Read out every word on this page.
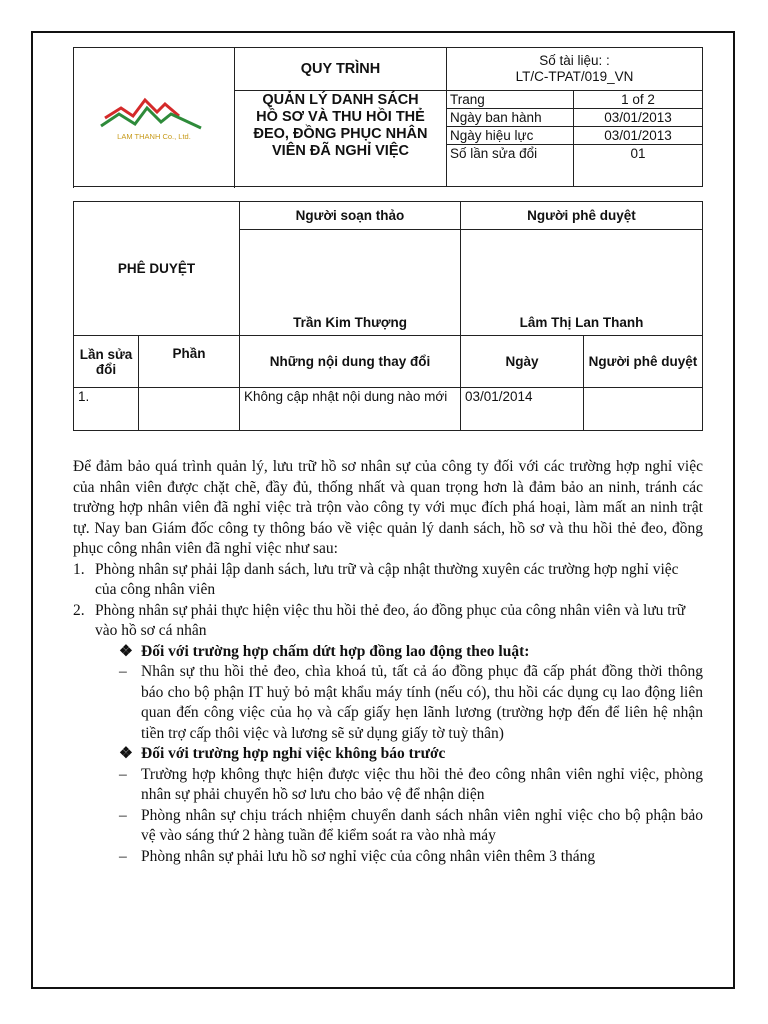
LAM THANH Co., Ltd.	QUY TRÌNH	Số tài liệu: :
LT/C-TPAT/019_VN	

	QUẢN LÝ DANH SÁCH
HỒ SƠ VÀ THU HỒI THẺ
ĐEO, ĐỒNG PHỤC NHÂN
VIÊN ĐÃ NGHỈ VIỆC	Trang	1 of 2
		Ngày ban hành	03/01/2013
		Ngày hiệu lực	03/01/2013
		Số lần sửa đổi	01

PHÊ DUYỆT		Người soạn thảo	Người phê duyệt	
		Trần Kim Thượng	Lâm Thị Lan Thanh	
Lần sửa đổi	Phần	Những nội dung thay đổi	Ngày	Người phê duyệt
1.		Không cập nhật nội dung nào mới	03/01/2014	

Để đảm bảo quá trình quản lý, lưu trữ hồ sơ nhân sự của công ty đối với các trường hợp nghỉ việc của nhân viên được chặt chẽ, đầy đủ, thống nhất và quan trọng hơn là đảm bảo an ninh, tránh các trường hợp nhân viên đã nghỉ việc trà trộn vào công ty với mục đích phá hoại, làm mất an ninh trật tự. Nay ban Giám đốc công ty thông báo về việc quản lý danh sách, hồ sơ và thu hồi thẻ đeo, đồng phục công nhân viên đã nghỉ việc như sau:

1. Phòng nhân sự phải lập danh sách, lưu trữ và cập nhật thường xuyên các trường hợp nghỉ việc của công nhân viên
2. Phòng nhân sự phải thực hiện việc thu hồi thẻ đeo, áo đồng phục của công nhân viên và lưu trữ vào hồ sơ cá nhân
❖ Đối với trường hợp chấm dứt hợp đồng lao động theo luật:
– Nhân sự thu hồi thẻ đeo, chìa khoá tủ, tất cả áo đồng phục đã cấp phát đồng thời thông báo cho bộ phận IT huỷ bỏ mật khẩu máy tính (nếu có), thu hồi các dụng cụ lao động liên quan đến công việc của họ và cấp giấy hẹn lãnh lương (trường hợp đến để liên hệ nhận tiền trợ cấp thôi việc và lương sẽ sử dụng giấy tờ tuỳ thân)
❖ Đối với trường hợp nghỉ việc không báo trước
– Trường hợp không thực hiện được việc thu hồi thẻ đeo công nhân viên nghỉ việc, phòng nhân sự phải chuyển hồ sơ lưu cho bảo vệ để nhận diện
– Phòng nhân sự chịu trách nhiệm chuyển danh sách nhân viên nghỉ việc cho bộ phận bảo vệ vào sáng thứ 2 hàng tuần để kiểm soát ra vào nhà máy
– Phòng nhân sự phải lưu hồ sơ nghỉ việc của công nhân viên thêm 3 tháng
